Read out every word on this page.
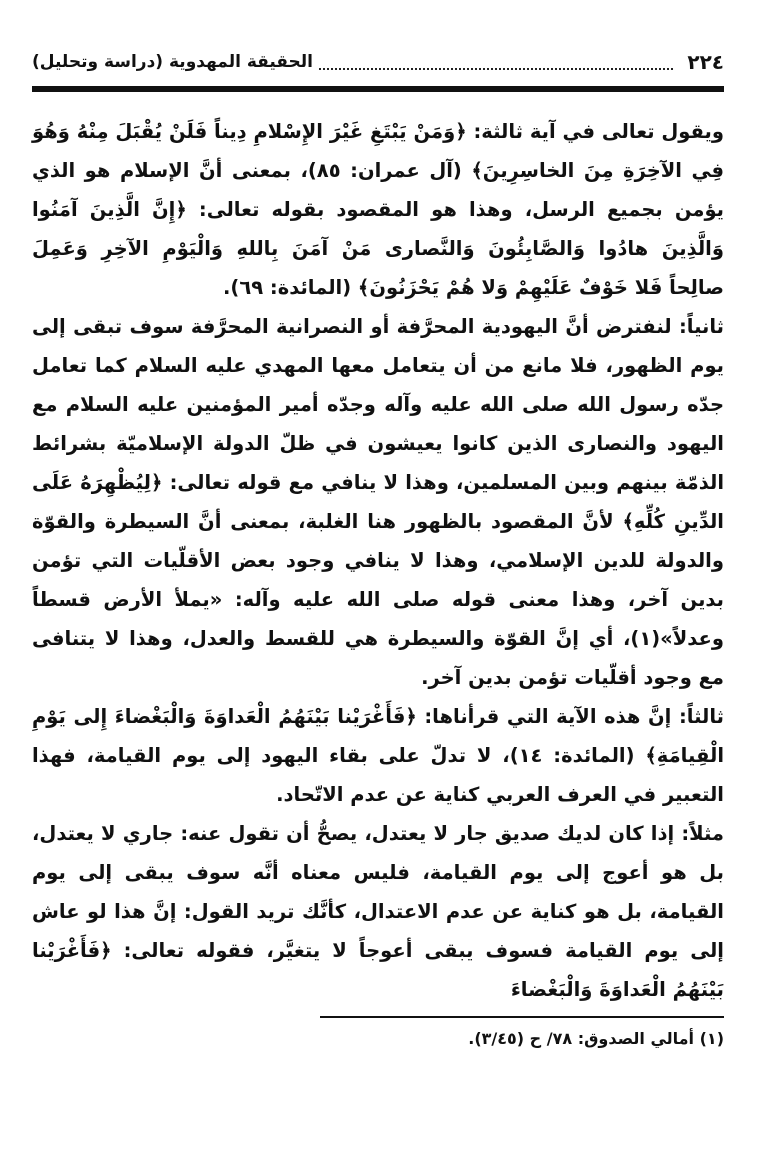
٢٢٤
الحقيقة المهدوية (دراسة وتحليل)

ويقول تعالى في آية ثالثة: ﴿وَمَنْ يَبْتَغِ غَيْرَ الإِسْلامِ دِيناً فَلَنْ يُقْبَلَ مِنْهُ وَهُوَ فِي الآخِرَةِ مِنَ الخاسِرِينَ﴾ (آل عمران: ٨٥)، بمعنى أنَّ الإسلام هو الذي يؤمن بجميع الرسل، وهذا هو المقصود بقوله تعالى: ﴿إِنَّ الَّذِينَ آمَنُوا وَالَّذِينَ هادُوا وَالصَّابِئُونَ وَالنَّصارى مَنْ آمَنَ بِاللهِ وَالْيَوْمِ الآخِرِ وَعَمِلَ صالِحاً فَلا خَوْفٌ عَلَيْهِمْ وَلا هُمْ يَحْزَنُونَ﴾ (المائدة: ٦٩).

ثانياً: لنفترض أنَّ اليهودية المحرَّفة أو النصرانية المحرَّفة سوف تبقى إلى يوم الظهور، فلا مانع من أن يتعامل معها المهدي عليه السلام كما تعامل جدّه رسول الله صلى الله عليه وآله وجدّه أمير المؤمنين عليه السلام مع اليهود والنصارى الذين كانوا يعيشون في ظلّ الدولة الإسلاميّة بشرائط الذمّة بينهم وبين المسلمين، وهذا لا ينافي مع قوله تعالى: ﴿لِيُظْهِرَهُ عَلَى الدِّينِ كُلِّهِ﴾ لأنَّ المقصود بالظهور هنا الغلبة، بمعنى أنَّ السيطرة والقوّة والدولة للدين الإسلامي، وهذا لا ينافي وجود بعض الأقلّيات التي تؤمن بدين آخر، وهذا معنى قوله صلى الله عليه وآله: «يملأ الأرض قسطاً وعدلاً»(١)، أي إنَّ القوّة والسيطرة هي للقسط والعدل، وهذا لا يتنافى مع وجود أقلّيات تؤمن بدين آخر.

ثالثاً: إنَّ هذه الآية التي قرأناها: ﴿فَأَغْرَيْنا بَيْنَهُمُ الْعَداوَةَ وَالْبَغْضاءَ إِلى يَوْمِ الْقِيامَةِ﴾ (المائدة: ١٤)، لا تدلّ على بقاء اليهود إلى يوم القيامة، فهذا التعبير في العرف العربي كناية عن عدم الاتّحاد.

مثلاً: إذا كان لديك صديق جار لا يعتدل، يصحُّ أن تقول عنه: جاري لا يعتدل، بل هو أعوج إلى يوم القيامة، فليس معناه أنَّه سوف يبقى إلى يوم القيامة، بل هو كناية عن عدم الاعتدال، كأنَّك تريد القول: إنَّ هذا لو عاش إلى يوم القيامة فسوف يبقى أعوجاً لا يتغيَّر، فقوله تعالى: ﴿فَأَغْرَيْنا بَيْنَهُمُ الْعَداوَةَ وَالْبَغْضاءَ

(١) أمالي الصدوق: ٧٨/ ح (٣/٤٥).
